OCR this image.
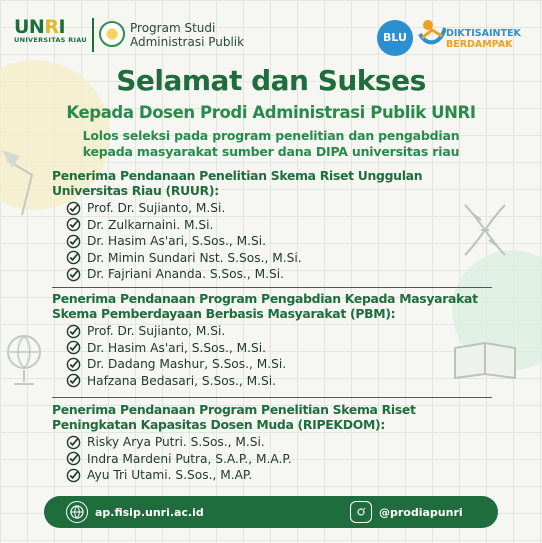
UNRI
UNIVERSITAS RIAU
Program Studi
Administrasi Publik	BLU	DIKTISAINTEK
BERDAMPAK
Selamat dan Sukses
Kepada Dosen Prodi Administrasi Publik UNRI
Lolos seleksi pada program penelitian dan pengabdian
kepada masyarakat sumber dana DIPA universitas riau
Penerima Pendanaan Penelitian Skema Riset Unggulan
Universitas Riau (RUUR):
Prof. Dr. Sujianto, M.Si.
Dr. Zulkarnaini. M.Si.
Dr. Hasim As'ari, S.Sos., M.Si.
Dr. Mimin Sundari Nst. S.Sos., M.Si.
Dr. Fajriani Ananda. S.Sos., M.Si.
Penerima Pendanaan Program Pengabdian Kepada Masyarakat
Skema Pemberdayaan Berbasis Masyarakat (PBM):
Prof. Dr. Sujianto, M.Si.
Dr. Hasim As'ari, S.Sos., M.Si.
Dr. Dadang Mashur, S.Sos., M.Si.
Hafzana Bedasari, S.Sos., M.Si.
Penerima Pendanaan Program Penelitian Skema Riset
Peningkatan Kapasitas Dosen Muda (RIPEKDOM):
Risky Arya Putri. S.Sos., M.Si.
Indra Mardeni Putra, S.A.P., M.A.P.
Ayu Tri Utami. S.Sos., M.AP.
ap.fisip.unri.ac.id	@prodiapunri
